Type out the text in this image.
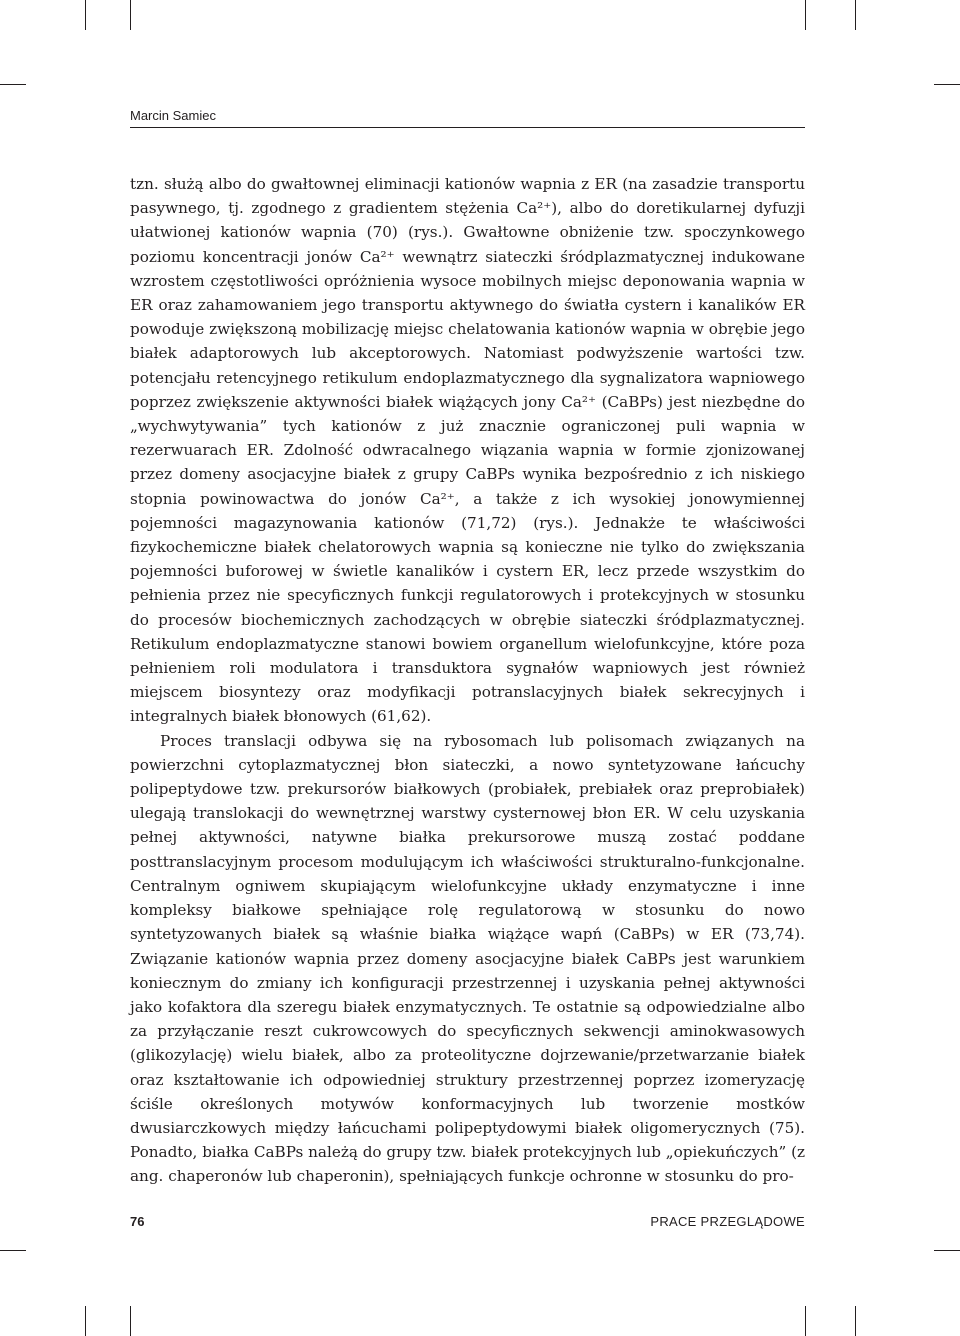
Marcin Samiec

tzn. służą albo do gwałtownej eliminacji kationów wapnia z ER (na zasadzie transportu pasywnego, tj. zgodnego z gradientem stężenia Ca²⁺), albo do doretikularnej dyfuzji ułatwionej kationów wapnia (70) (rys.). Gwałtowne obniżenie tzw. spoczynkowego poziomu koncentracji jonów Ca²⁺ wewnątrz siateczki śródplazmatycznej indukowane wzrostem częstotliwości opróżnienia wysoce mobilnych miejsc deponowania wapnia w ER oraz zahamowaniem jego transportu aktywnego do światła cystern i kanalików ER powoduje zwiększoną mobilizację miejsc chelatowania kationów wapnia w obrębie jego białek adaptorowych lub akceptorowych. Natomiast podwyższenie wartości tzw. potencjału retencyjnego retikulum endoplazmatycznego dla sygnalizatora wapniowego poprzez zwiększenie aktywności białek wiążących jony Ca²⁺ (CaBPs) jest niezbędne do „wychwytywania” tych kationów z już znacznie ograniczonej puli wapnia w rezerwuarach ER. Zdolność odwracalnego wiązania wapnia w formie zjonizowanej przez domeny asocjacyjne białek z grupy CaBPs wynika bezpośrednio z ich niskiego stopnia powinowactwa do jonów Ca²⁺, a także z ich wysokiej jonowymiennej pojemności magazynowania kationów (71,72) (rys.). Jednakże te właściwości fizykochemiczne białek chelatorowych wapnia są konieczne nie tylko do zwiększania pojemności buforowej w świetle kanalików i cystern ER, lecz przede wszystkim do pełnienia przez nie specyficznych funkcji regulatorowych i protekcyjnych w stosunku do procesów biochemicznych zachodzących w obrębie siateczki śródplazmatycznej. Retikulum endoplazmatyczne stanowi bowiem organellum wielofunkcyjne, które poza pełnieniem roli modulatora i transduktora sygnałów wapniowych jest również miejscem biosyntezy oraz modyfikacji potranslacyjnych białek sekrecyjnych i integralnych białek błonowych (61,62).

Proces translacji odbywa się na rybosomach lub polisomach związanych na powierzchni cytoplazmatycznej błon siateczki, a nowo syntetyzowane łańcuchy polipeptydowe tzw. prekursorów białkowych (probiałek, prebiałek oraz preprobiałek) ulegają translokacji do wewnętrznej warstwy cysternowej błon ER. W celu uzyskania pełnej aktywności, natywne białka prekursorowe muszą zostać poddane posttranslacyjnym procesom modulującym ich właściwości strukturalno-funkcjonalne. Centralnym ogniwem skupiającym wielofunkcyjne układy enzymatyczne i inne kompleksy białkowe spełniające rolę regulatorową w stosunku do nowo syntetyzowanych białek są właśnie białka wiążące wapń (CaBPs) w ER (73,74). Związanie kationów wapnia przez domeny asocjacyjne białek CaBPs jest warunkiem koniecznym do zmiany ich konfiguracji przestrzennej i uzyskania pełnej aktywności jako kofaktora dla szeregu białek enzymatycznych. Te ostatnie są odpowiedzialne albo za przyłączanie reszt cukrowcowych do specyficznych sekwencji aminokwasowych (glikozylację) wielu białek, albo za proteolityczne dojrzewanie/przetwarzanie białek oraz kształtowanie ich odpowiedniej struktury przestrzennej poprzez izomeryzację ściśle określonych motywów konformacyjnych lub tworzenie mostków dwusiarczkowych między łańcuchami polipeptydowymi białek oligomerycznych (75). Ponadto, białka CaBPs należą do grupy tzw. białek protekcyjnych lub „opiekuńczych” (z ang. chaperonów lub chaperonin), spełniających funkcje ochronne w stosunku do pro-

76	PRACE PRZEGLĄDOWE
